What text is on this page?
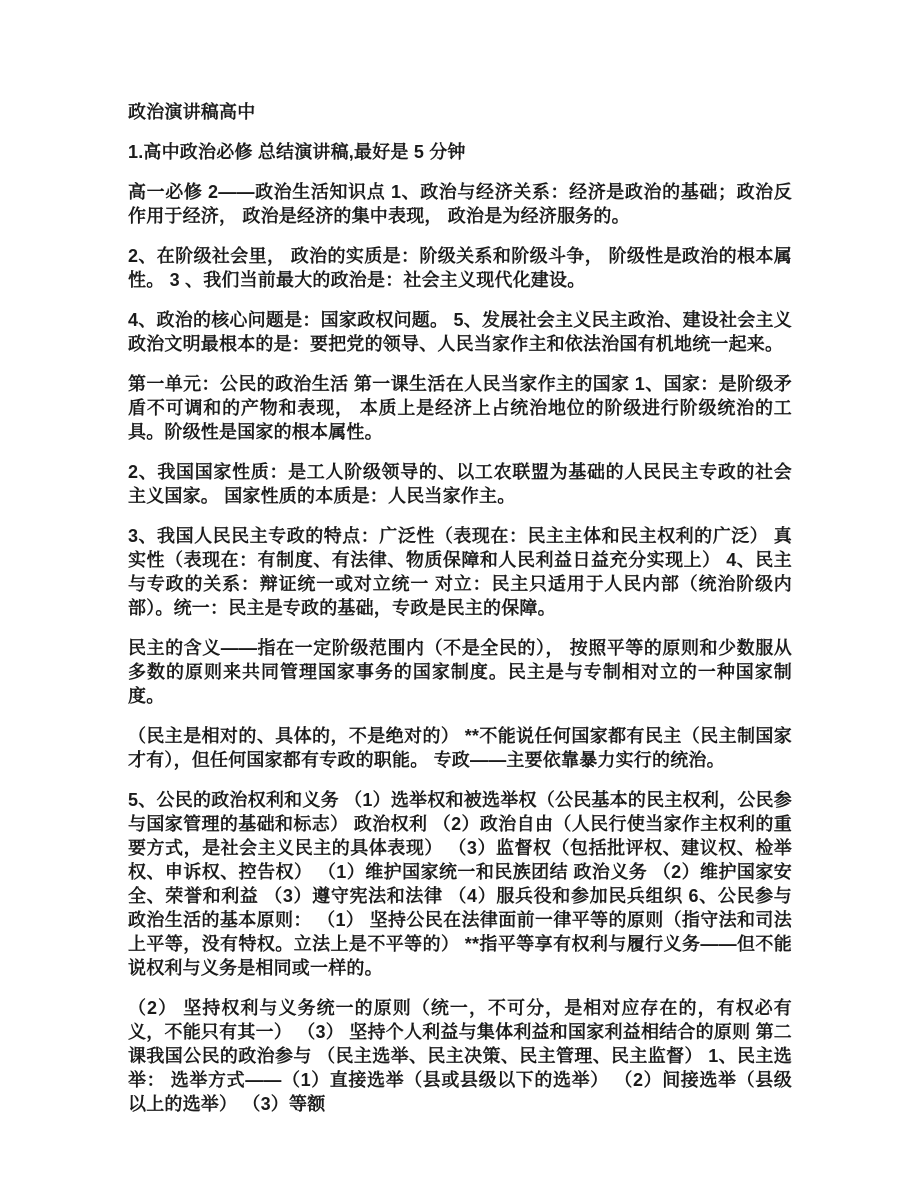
政治演讲稿高中

1.高中政治必修 总结演讲稿,最好是 5 分钟

高一必修 2——政治生活知识点 1、政治与经济关系：经济是政治的基础；政治反作用于经济， 政治是经济的集中表现， 政治是为经济服务的。

2、在阶级社会里， 政治的实质是：阶级关系和阶级斗争， 阶级性是政治的根本属性。 3 、我们当前最大的政治是：社会主义现代化建设。

4、政治的核心问题是：国家政权问题。 5、发展社会主义民主政治、建设社会主义政治文明最根本的是：要把党的领导、人民当家作主和依法治国有机地统一起来。

第一单元：公民的政治生活 第一课生活在人民当家作主的国家 1、国家：是阶级矛盾不可调和的产物和表现， 本质上是经济上占统治地位的阶级进行阶级统治的工具。阶级性是国家的根本属性。

2、我国国家性质：是工人阶级领导的、以工农联盟为基础的人民民主专政的社会主义国家。 国家性质的本质是：人民当家作主。

3、我国人民民主专政的特点：广泛性（表现在：民主主体和民主权利的广泛） 真实性（表现在：有制度、有法律、物质保障和人民利益日益充分实现上） 4、民主与专政的关系：辩证统一或对立统一 对立：民主只适用于人民内部（统治阶级内部）。统一：民主是专政的基础，专政是民主的保障。

民主的含义——指在一定阶级范围内（不是全民的）， 按照平等的原则和少数服从多数的原则来共同管理国家事务的国家制度。民主是与专制相对立的一种国家制度。

（民主是相对的、具体的，不是绝对的） **不能说任何国家都有民主（民主制国家才有），但任何国家都有专政的职能。 专政——主要依靠暴力实行的统治。

5、公民的政治权利和义务 （1）选举权和被选举权（公民基本的民主权利，公民参与国家管理的基础和标志） 政治权利 （2）政治自由（人民行使当家作主权利的重要方式，是社会主义民主的具体表现） （3）监督权（包括批评权、建议权、检举权、申诉权、控告权） （1）维护国家统一和民族团结 政治义务 （2）维护国家安全、荣誉和利益 （3）遵守宪法和法律 （4）服兵役和参加民兵组织 6、公民参与政治生活的基本原则： （1） 坚持公民在法律面前一律平等的原则（指守法和司法上平等，没有特权。立法上是不平等的） **指平等享有权利与履行义务——但不能说权利与义务是相同或一样的。

（2） 坚持权利与义务统一的原则（统一，不可分，是相对应存在的，有权必有义，不能只有其一） （3） 坚持个人利益与集体利益和国家利益相结合的原则 第二课我国公民的政治参与 （民主选举、民主决策、民主管理、民主监督） 1、民主选举： 选举方式——（1）直接选举（县或县级以下的选举） （2）间接选举（县级以上的选举） （3）等额
